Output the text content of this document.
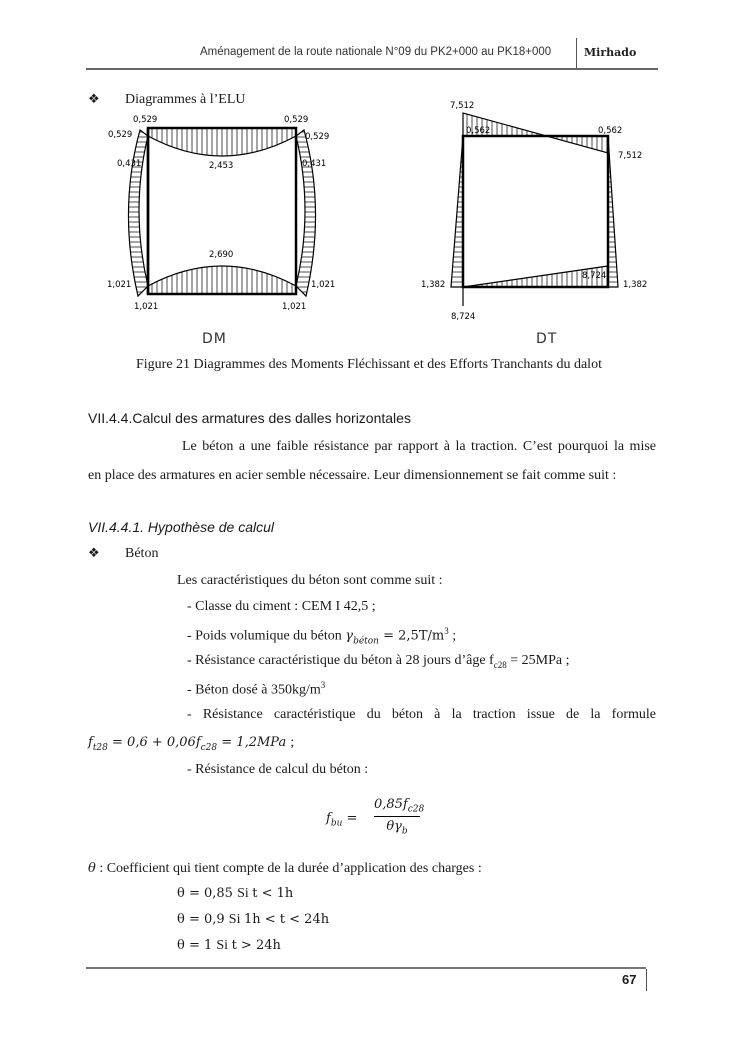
Aménagement de la route nationale N°09 du PK2+000 au PK18+000	Mirhado
❖ Diagrammes à l’ELU
0,529	0,529
0,529	0,529
0,431	2,453	0,431
2,690
1,021	1,021
1,021	1,021
DM
7,512
0,562	0,562
7,512
1,382
8,724
1,382
8,724
DT
Figure 21 Diagrammes des Moments Fléchissant et des Efforts Tranchants du dalot
VII.4.4.Calcul des armatures des dalles horizontales
Le béton a une faible résistance par rapport à la traction. C’est pourquoi la mise
en place des armatures en acier semble nécessaire. Leur dimensionnement se fait comme suit :
VII.4.4.1. Hypothèse de calcul
❖ Béton
Les caractéristiques du béton sont comme suit :
- Classe du ciment : CEM I 42,5 ;
- Poids volumique du béton $\gamma_{béton} = 2,5T/m^3$ ;
- Résistance caractéristique du béton à 28 jours d’âge $f_{c28} = 25MPa$ ;
- Béton dosé à $350kg/m^3$
- Résistance caractéristique du béton à la traction issue de la formule
$f_{t28} = 0,6 + 0,06f_{c28} = 1,2MPa$ ;
- Résistance de calcul du béton :
$f_{bu}$ =
$0,85f_{c28}$
$\theta\gamma_b$
θ : Coefficient qui tient compte de la durée d’application des charges :
θ = 0,85 Si t < 1h
θ = 0,9 Si 1h < t < 24h
θ = 1 Si t > 24h
67
